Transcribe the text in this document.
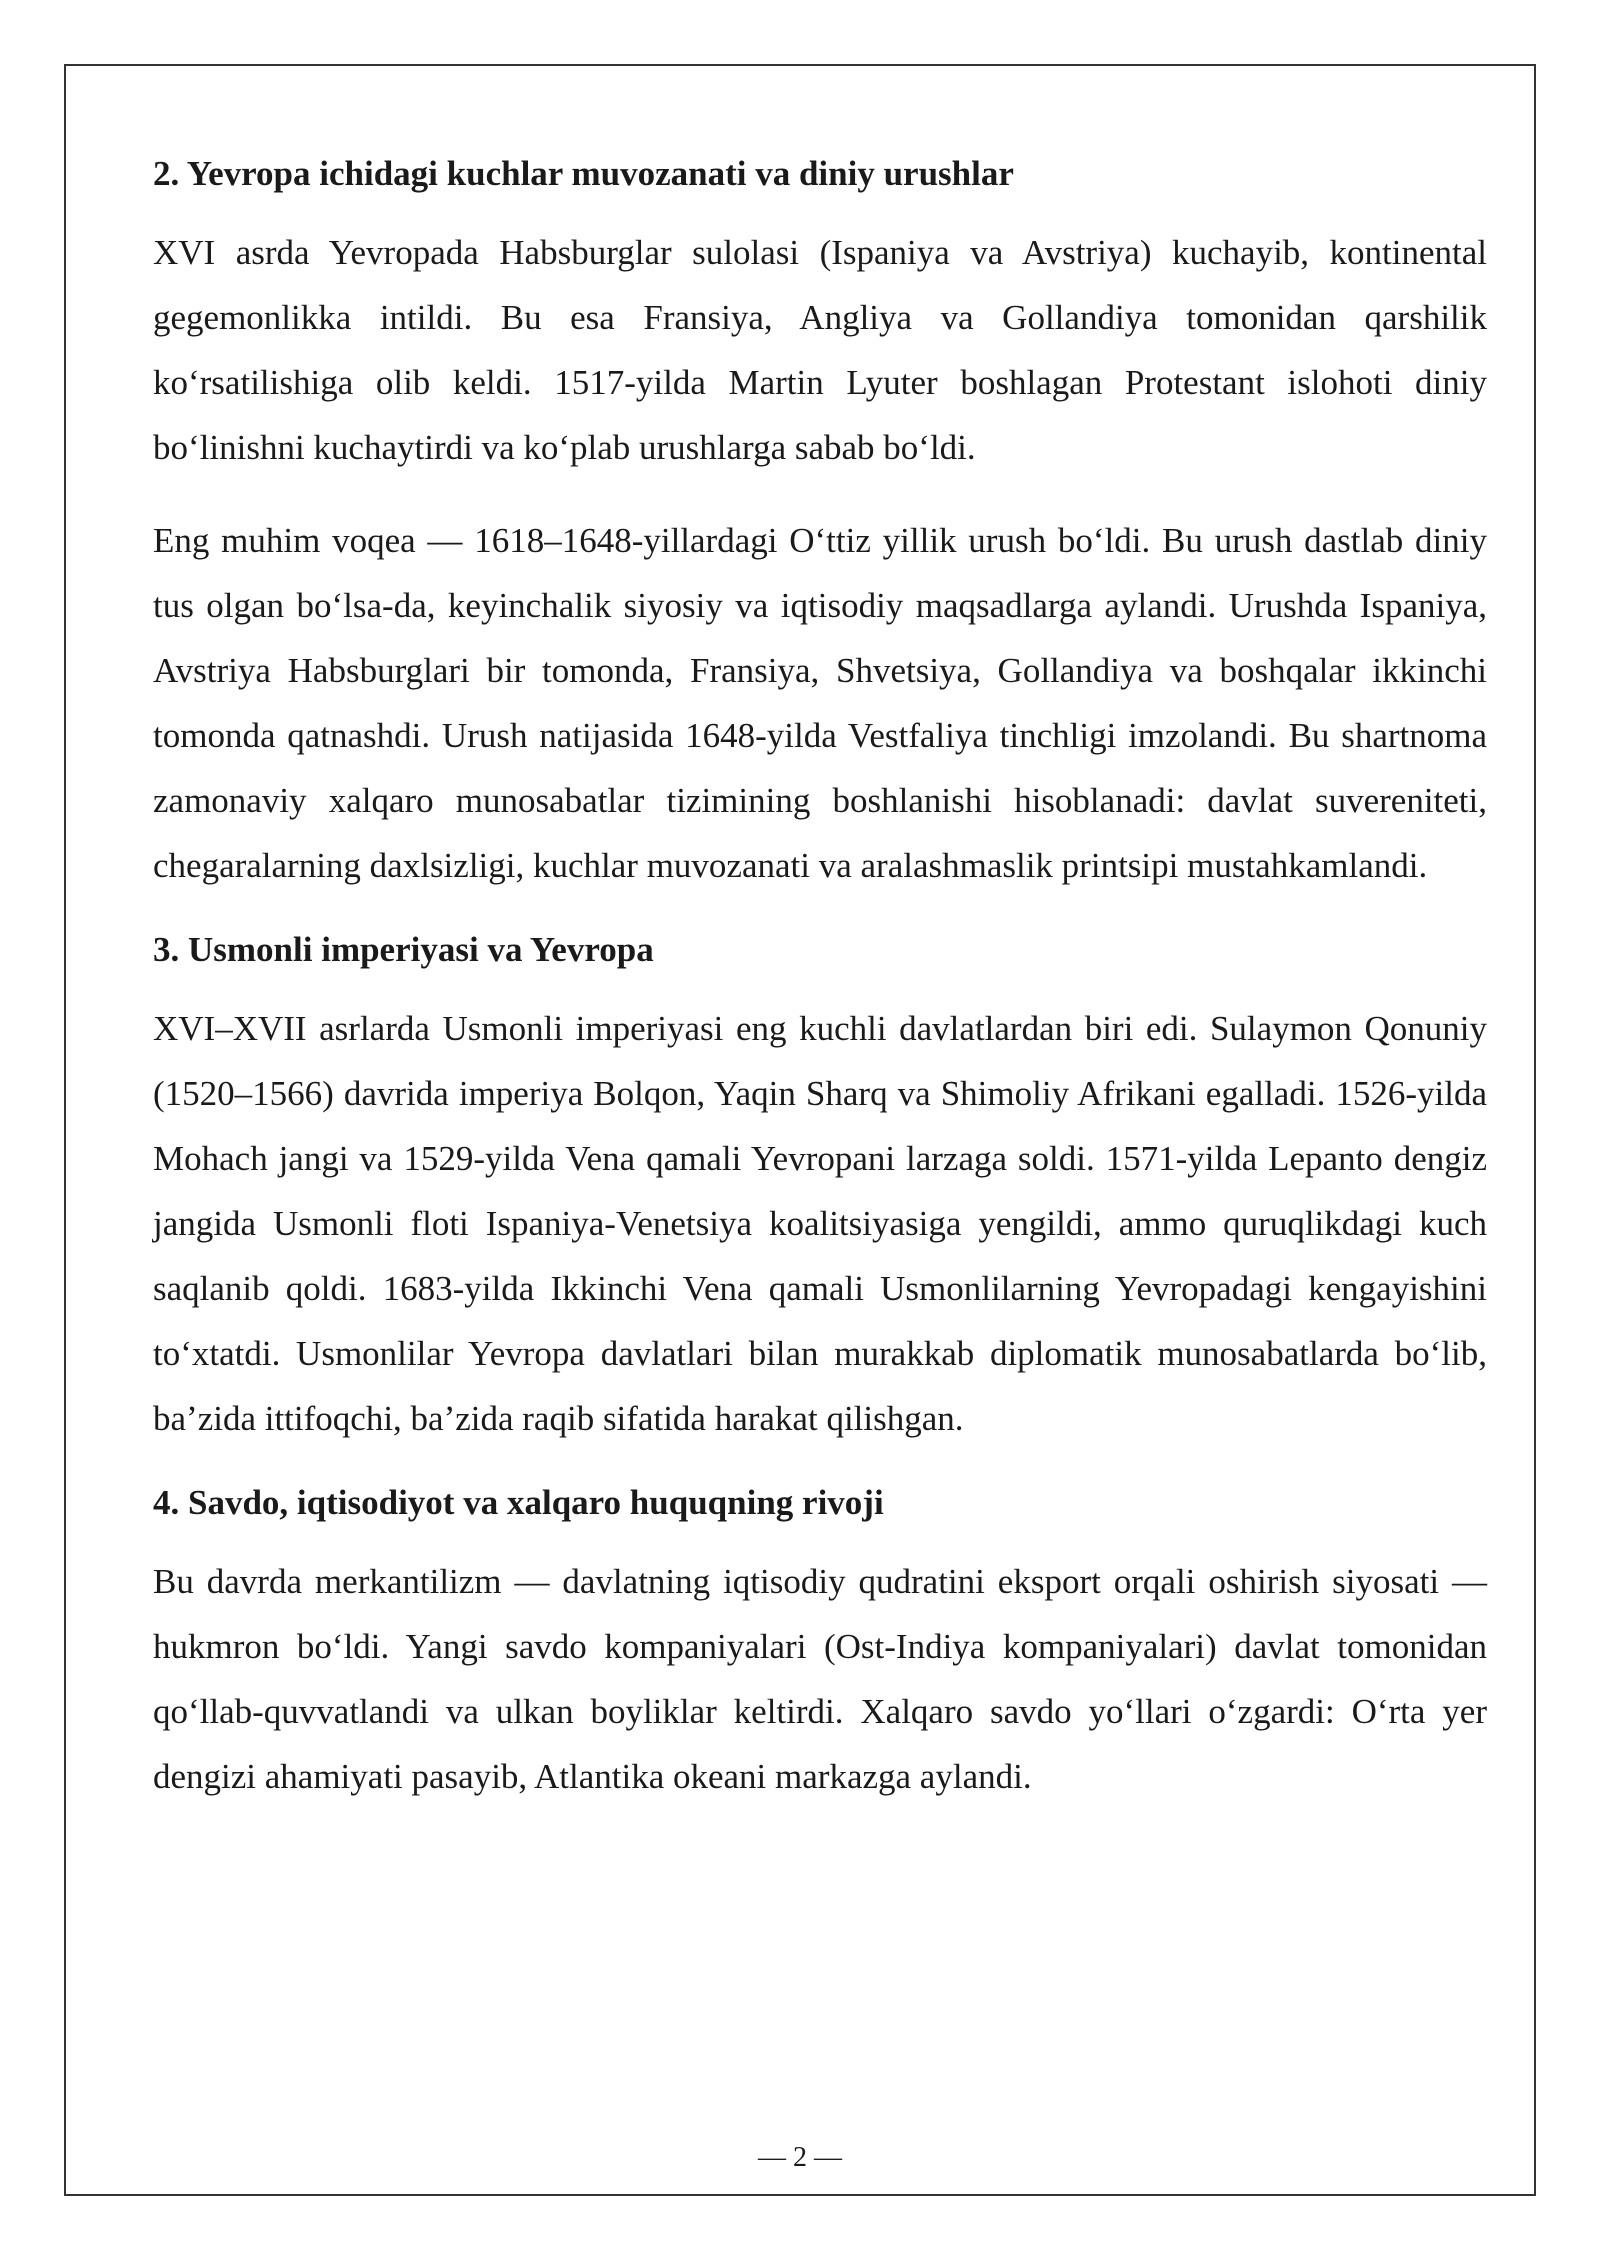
2. Yevropa ichidagi kuchlar muvozanati va diniy urushlar

XVI asrda Yevropada Habsburglar sulolasi (Ispaniya va Avstriya) kuchayib, kontinental gegemonlikka intildi. Bu esa Fransiya, Angliya va Gollandiya tomonidan qarshilik koʻrsatilishiga olib keldi. 1517-yilda Martin Lyuter boshlagan Protestant islohoti diniy boʻlinishni kuchaytirdi va koʻplab urushlarga sabab boʻldi.

Eng muhim voqea — 1618–1648-yillardagi Oʻttiz yillik urush boʻldi. Bu urush dastlab diniy tus olgan boʻlsa-da, keyinchalik siyosiy va iqtisodiy maqsadlarga aylandi. Urushda Ispaniya, Avstriya Habsburglari bir tomonda, Fransiya, Shvetsiya, Gollandiya va boshqalar ikkinchi tomonda qatnashdi. Urush natijasida 1648-yilda Vestfaliya tinchligi imzolandi. Bu shartnoma zamonaviy xalqaro munosabatlar tizimining boshlanishi hisoblanadi: davlat suvereniteti, chegaralarning daxlsizligi, kuchlar muvozanati va aralashmaslik printsipi mustahkamlandi.

3. Usmonli imperiyasi va Yevropa

XVI–XVII asrlarda Usmonli imperiyasi eng kuchli davlatlardan biri edi. Sulaymon Qonuniy (1520–1566) davrida imperiya Bolqon, Yaqin Sharq va Shimoliy Afrikani egalladi. 1526-yilda Mohach jangi va 1529-yilda Vena qamali Yevropani larzaga soldi. 1571-yilda Lepanto dengiz jangida Usmonli floti Ispaniya-Venetsiya koalitsiyasiga yengildi, ammo quruqlikdagi kuch saqlanib qoldi. 1683-yilda Ikkinchi Vena qamali Usmonlilarning Yevropadagi kengayishini toʻxtatdi. Usmonlilar Yevropa davlatlari bilan murakkab diplomatik munosabatlarda boʻlib, baʼzida ittifoqchi, baʼzida raqib sifatida harakat qilishgan.

4. Savdo, iqtisodiyot va xalqaro huquqning rivoji

Bu davrda merkantilizm — davlatning iqtisodiy qudratini eksport orqali oshirish siyosati — hukmron boʻldi. Yangi savdo kompaniyalari (Ost-Indiya kompaniyalari) davlat tomonidan qoʻllab-quvvatlandi va ulkan boyliklar keltirdi. Xalqaro savdo yoʻllari oʻzgardi: Oʻrta yer dengizi ahamiyati pasayib, Atlantika okeani markazga aylandi.

— 2 —
